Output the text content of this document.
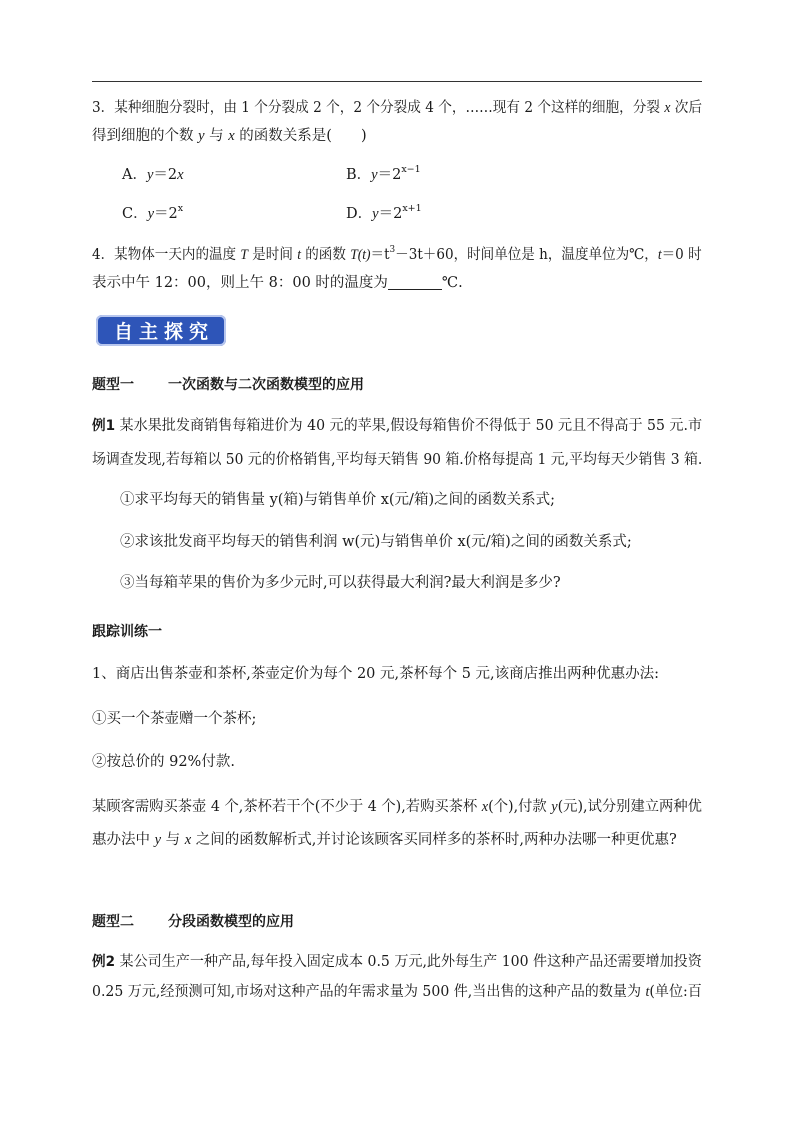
3．某种细胞分裂时，由 1 个分裂成 2 个，2 个分裂成 4 个，……现有 2 个这样的细胞，分裂 x 次后
得到细胞的个数 y 与 x 的函数关系是(　　)
A．y＝2x	B．$y=2^{x-1}$
C．$y=2^x$	D．$y=2^{x+1}$
4．某物体一天内的温度 T 是时间 t 的函数 $T(t)=t^3-3t+60$，时间单位是 h，温度单位为℃，t＝0 时
表示中午 12：00，则上午 8：00 时的温度为	℃.
自主探究
题型一 一次函数与二次函数模型的应用
例1 某水果批发商销售每箱进价为 40 元的苹果,假设每箱售价不得低于 50 元且不得高于 55 元.市
场调查发现,若每箱以 50 元的价格销售,平均每天销售 90 箱.价格每提高 1 元,平均每天少销售 3 箱.
①求平均每天的销售量 y(箱)与销售单价 x(元/箱)之间的函数关系式;
②求该批发商平均每天的销售利润 w(元)与销售单价 x(元/箱)之间的函数关系式;
③当每箱苹果的售价为多少元时,可以获得最大利润?最大利润是多少?
跟踪训练一
1、商店出售茶壶和茶杯,茶壶定价为每个 20 元,茶杯每个 5 元,该商店推出两种优惠办法:
①买一个茶壶赠一个茶杯;
②按总价的 92%付款.
某顾客需购买茶壶 4 个,茶杯若干个(不少于 4 个),若购买茶杯 x(个),付款 y(元),试分别建立两种优
惠办法中 y 与 x 之间的函数解析式,并讨论该顾客买同样多的茶杯时,两种办法哪一种更优惠?
题型二 分段函数模型的应用
例2 某公司生产一种产品,每年投入固定成本 0.5 万元,此外每生产 100 件这种产品还需要增加投资
0.25 万元,经预测可知,市场对这种产品的年需求量为 500 件,当出售的这种产品的数量为 t(单位:百
